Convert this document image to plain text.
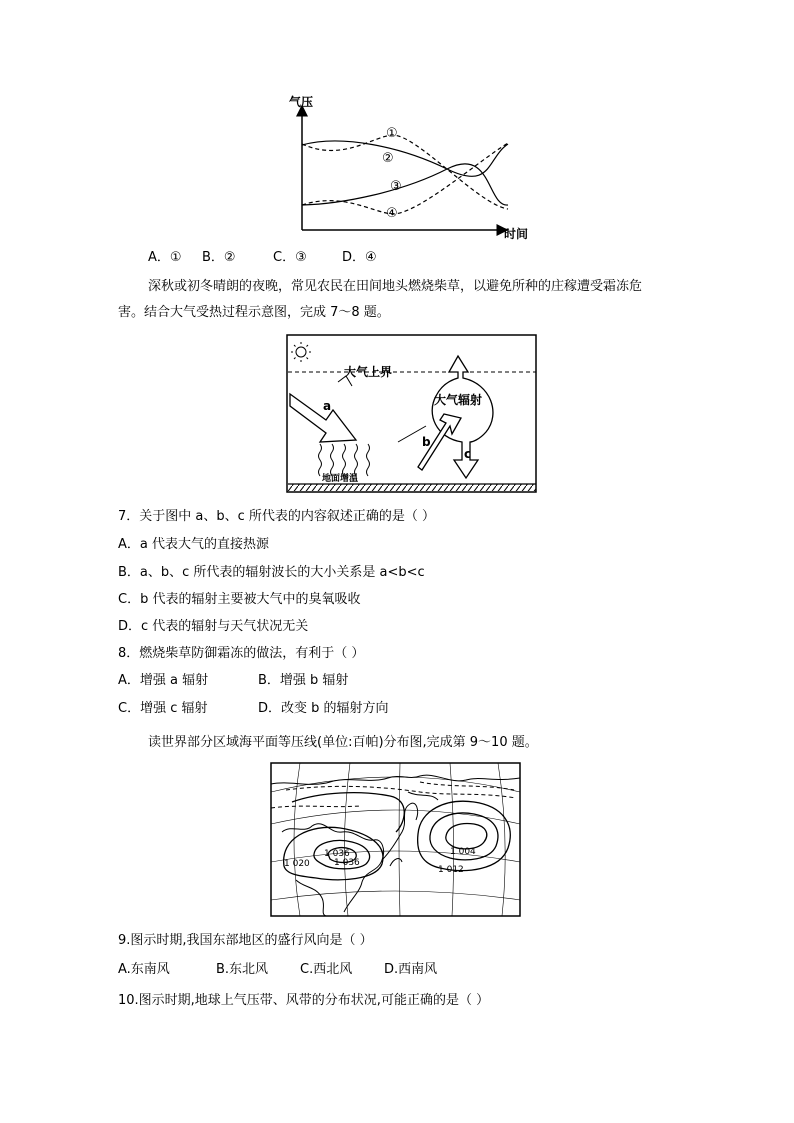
气压
时间
①
②
③
④
A．① B．②	C．③	D．④
深秋或初冬晴朗的夜晚，常见农民在田间地头燃烧柴草，以避免所种的庄稼遭受霜冻危
害。结合大气受热过程示意图，完成 7～8 题。
大气上界
a
地面增温
大气辐射
c
b
7．关于图中 a、b、c 所代表的内容叙述正确的是（ ）
A．a 代表大气的直接热源
B．a、b、c 所代表的辐射波长的大小关系是 a<b<c
C．b 代表的辐射主要被大气中的臭氧吸收
D．c 代表的辐射与天气状况无关
8．燃烧柴草防御霜冻的做法，有利于（ ）
A．增强 a 辐射	B．增强 b 辐射
C．增强 c 辐射	D．改变 b 的辐射方向
读世界部分区域海平面等压线(单位:百帕)分布图,完成第 9～10 题。
1 020
1 036
1 036
1 004
1 012
9.图示时期,我国东部地区的盛行风向是（ ）
A.东南风	B.东北风 C.西北风 D.西南风
10.图示时期,地球上气压带、风带的分布状况,可能正确的是（ ）
